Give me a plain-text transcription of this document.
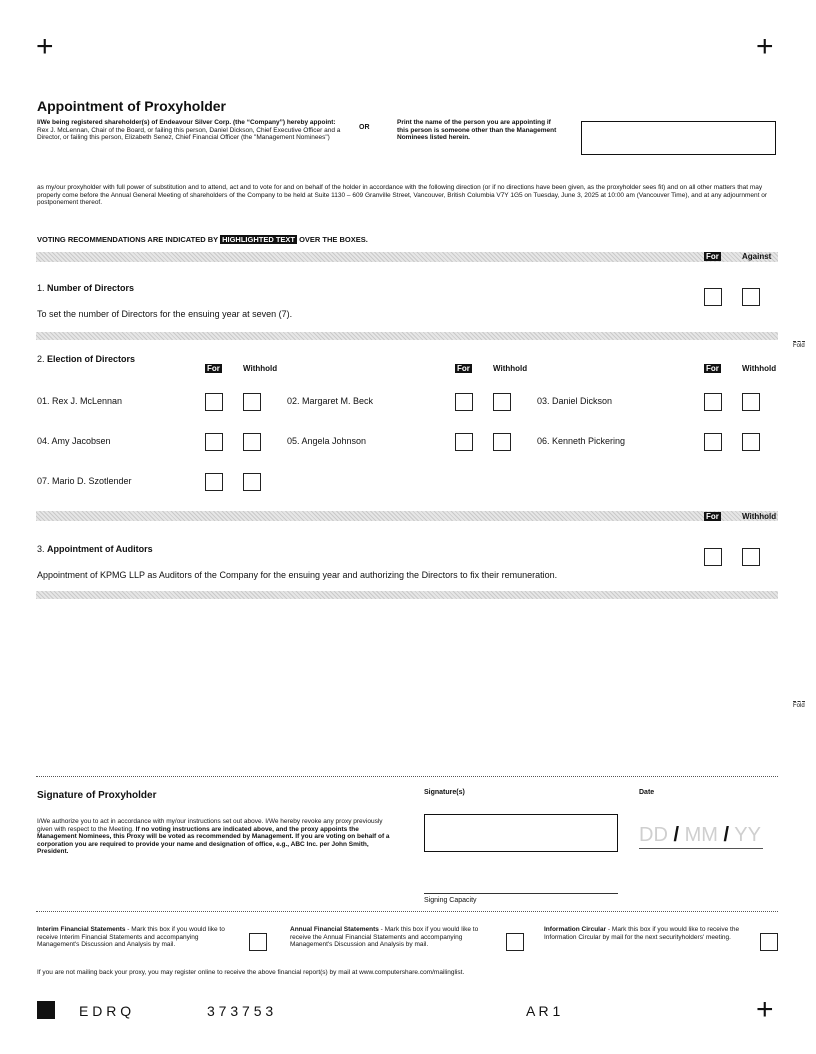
+	+
+
Appointment of Proxyholder
I/We being registered shareholder(s) of Endeavour Silver Corp. (the “Company”) hereby appoint: Rex J. McLennan, Chair of the Board, or failing this person, Daniel Dickson, Chief Executive Officer and a Director, or failing this person, Elizabeth Senez, Chief Financial Officer (the "Management Nominees")
OR
Print the name of the person you are appointing if this person is someone other than the Management Nominees listed herein.
as my/our proxyholder with full power of substitution and to attend, act and to vote for and on behalf of the holder in accordance with the following direction (or if no directions have been given, as the proxyholder sees fit) and on all other matters that may properly come before the Annual General Meeting of shareholders of the Company to be held at Suite 1130 – 609 Granville Street, Vancouver, British Columbia V7Y 1G5 on Tuesday, June 3, 2025 at 10:00 am (Vancouver Time), and at any adjournment or postponement thereof.
VOTING RECOMMENDATIONS ARE INDICATED BY HIGHLIGHTED TEXT OVER THE BOXES.
For	Against
1. Number of Directors
To set the number of Directors for the ensuing year at seven (7).
Fold
2. Election of Directors
For	Withhold	For	Withhold	For	Withhold
01. Rex J. McLennan	02. Margaret M. Beck	03. Daniel Dickson
04. Amy Jacobsen	05. Angela Johnson	06. Kenneth Pickering
07. Mario D. Szotlender
For	Withhold
3. Appointment of Auditors
Appointment of KPMG LLP as Auditors of the Company for the ensuing year and authorizing the Directors to fix their remuneration.
Fold
Signature of Proxyholder
I/We authorize you to act in accordance with my/our instructions set out above. I/We hereby revoke any proxy previously given with respect to the Meeting. If no voting instructions are indicated above, and the proxy appoints the Management Nominees, this Proxy will be voted as recommended by Management. If you are voting on behalf of a corporation you are required to provide your name and designation of office, e.g., ABC Inc. per John Smith, President.
Signature(s)	Date
DD / MM / YY
Signing Capacity
Interim Financial Statements - Mark this box if you would like to receive Interim Financial Statements and accompanying Management's Discussion and Analysis by mail.
Annual Financial Statements - Mark this box if you would like to receive the Annual Financial Statements and accompanying Management's Discussion and Analysis by mail.
Information Circular - Mark this box if you would like to receive the Information Circular by mail for the next securityholders' meeting.
If you are not mailing back your proxy, you may register online to receive the above financial report(s) by mail at www.computershare.com/mailinglist.
E D R Q	3 7 3 7 5 3	A R 1
